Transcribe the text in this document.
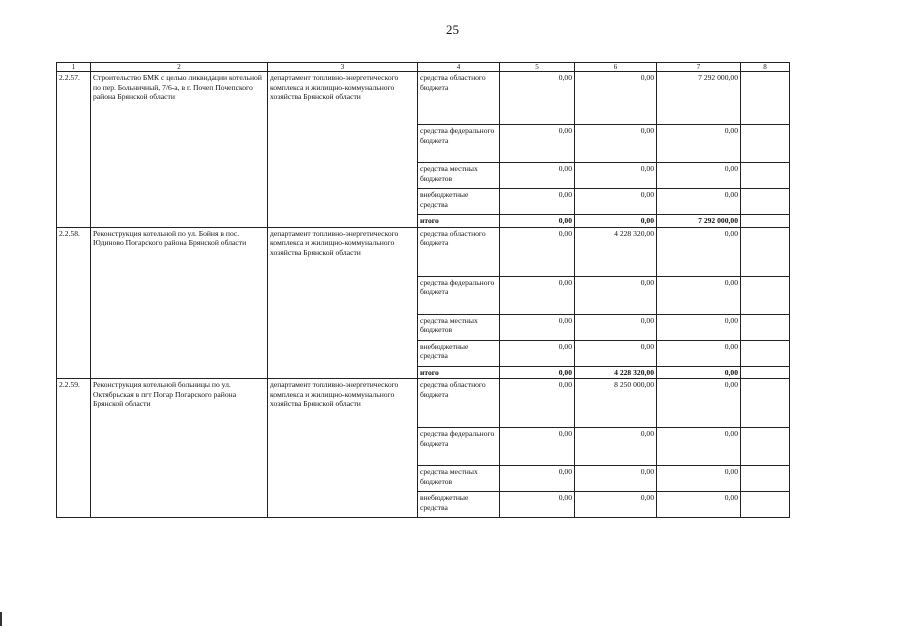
25
1	2	3	4	5	6	7	8
2.2.57.	Строительство БМК с целью ликвидации котельной по пер. Больничный, 7/6-а, в г. Почеп Почепского района Брянской области	департамент топливно-энергетического комплекса и жилищно-коммунального хозяйства Брянской области	средства областного бюджета	0,00	0,00	7 292 000,00	
			средства федерального бюджета	0,00	0,00	0,00	
			средства местных бюджетов	0,00	0,00	0,00	
			внебюджетные средства	0,00	0,00	0,00	
			итого	0,00	0,00	7 292 000,00	
2.2.58.	Реконструкция котельной по ул. Бойня в пос. Юдиново Погарского района Брянской области	департамент топливно-энергетического комплекса и жилищно-коммунального хозяйства Брянской области	средства областного бюджета	0,00	4 228 320,00	0,00	
			средства федерального бюджета	0,00	0,00	0,00	
			средства местных бюджетов	0,00	0,00	0,00	
			внебюджетные средства	0,00	0,00	0,00	
			итого	0,00	4 228 320,00	0,00	
2.2.59.	Реконструкция котельной больницы по ул. Октябрьская в пгт Погар Погарского района Брянской области	департамент топливно-энергетического комплекса и жилищно-коммунального хозяйства Брянской области	средства областного бюджета	0,00	8 250 000,00	0,00	
			средства федерального бюджета	0,00	0,00	0,00	
			средства местных бюджетов	0,00	0,00	0,00	
			внебюджетные средства	0,00	0,00	0,00	
